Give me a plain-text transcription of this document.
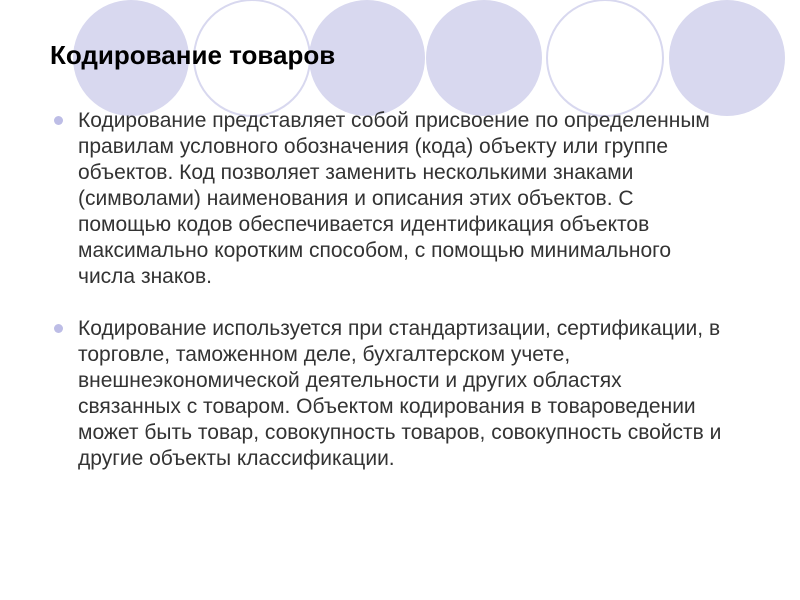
Кодирование товаров
Кодирование представляет собой присвоение по определенным правилам условного обозначения (кода) объекту или группе объектов. Код позволяет заменить несколькими знаками (символами) наименования и описания этих объектов. С помощью кодов обеспечивается идентификация объектов максимально коротким способом, с помощью минимального числа знаков.
Кодирование используется при стандартизации, сертификации, в торговле, таможенном деле, бухгалтерском учете, внешнеэкономической деятельности и других областях связанных с товаром. Объектом кодирования в товароведении может быть товар, совокупность товаров, совокупность свойств и другие объекты классификации.
